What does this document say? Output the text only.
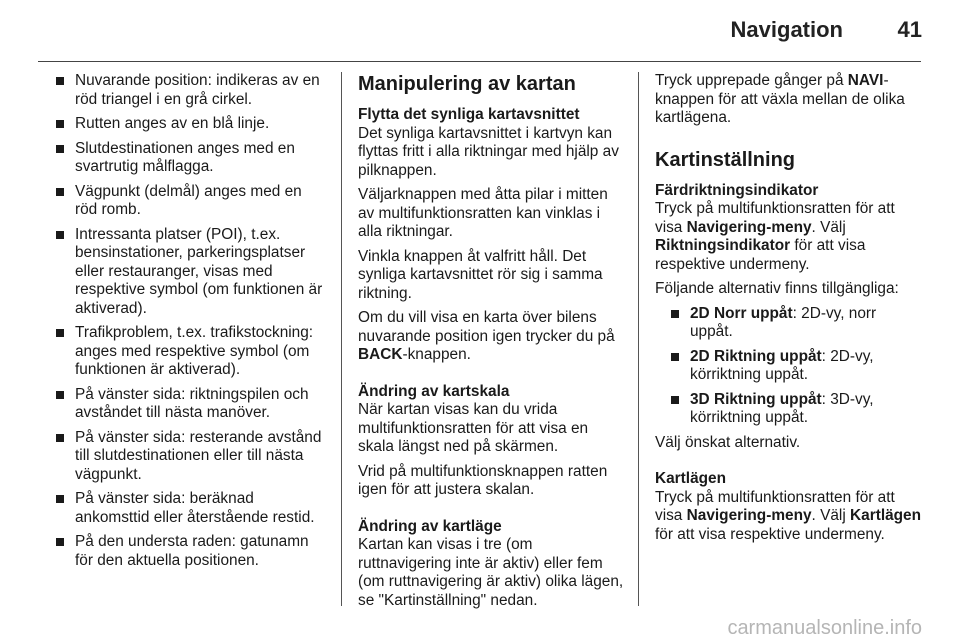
Navigation 41
Nuvarande position: indikeras av en röd triangel i en grå cirkel.
Rutten anges av en blå linje.
Slutdestinationen anges med en svartrutig målflagga.
Vägpunkt (delmål) anges med en röd romb.
Intressanta platser (POI), t.ex. bensinstationer, parkeringsplatser eller restauranger, visas med respektive symbol (om funktionen är aktiverad).
Trafikproblem, t.ex. trafikstockning: anges med respektive symbol (om funktionen är aktiverad).
På vänster sida: riktningspilen och avståndet till nästa manöver.
På vänster sida: resterande avstånd till slutdestinationen eller till nästa vägpunkt.
På vänster sida: beräknad ankomsttid eller återstående restid.
På den understa raden: gatunamn för den aktuella positionen.
Manipulering av kartan
Flytta det synliga kartavsnittet

Det synliga kartavsnittet i kartvyn kan flyttas fritt i alla riktningar med hjälp av pilknappen.

Väljarknappen med åtta pilar i mitten av multifunktionsratten kan vinklas i alla riktningar.

Vinkla knappen åt valfritt håll. Det synliga kartavsnittet rör sig i samma riktning.

Om du vill visa en karta över bilens nuvarande position igen trycker du på BACK-knappen.

Ändring av kartskala

När kartan visas kan du vrida multifunktionsratten för att visa en skala längst ned på skärmen.

Vrid på multifunktionsknappen ratten igen för att justera skalan.

Ändring av kartläge

Kartan kan visas i tre (om ruttnavigering inte är aktiv) eller fem (om ruttnavigering är aktiv) olika lägen, se "Kartinställning" nedan.

Tryck upprepade gånger på NAVI-knappen för att växla mellan de olika kartlägena.

Kartinställning
Färdriktningsindikator

Tryck på multifunktionsratten för att visa Navigering-meny. Välj Riktningsindikator för att visa respektive undermeny.

Följande alternativ finns tillgängliga:

2D Norr uppåt: 2D-vy, norr uppåt.
2D Riktning uppåt: 2D-vy, körriktning uppåt.
3D Riktning uppåt: 3D-vy, körriktning uppåt.

Välj önskat alternativ.

Kartlägen

Tryck på multifunktionsratten för att visa Navigering-meny. Välj Kartlägen för att visa respektive undermeny.

carmanualsonline.info
